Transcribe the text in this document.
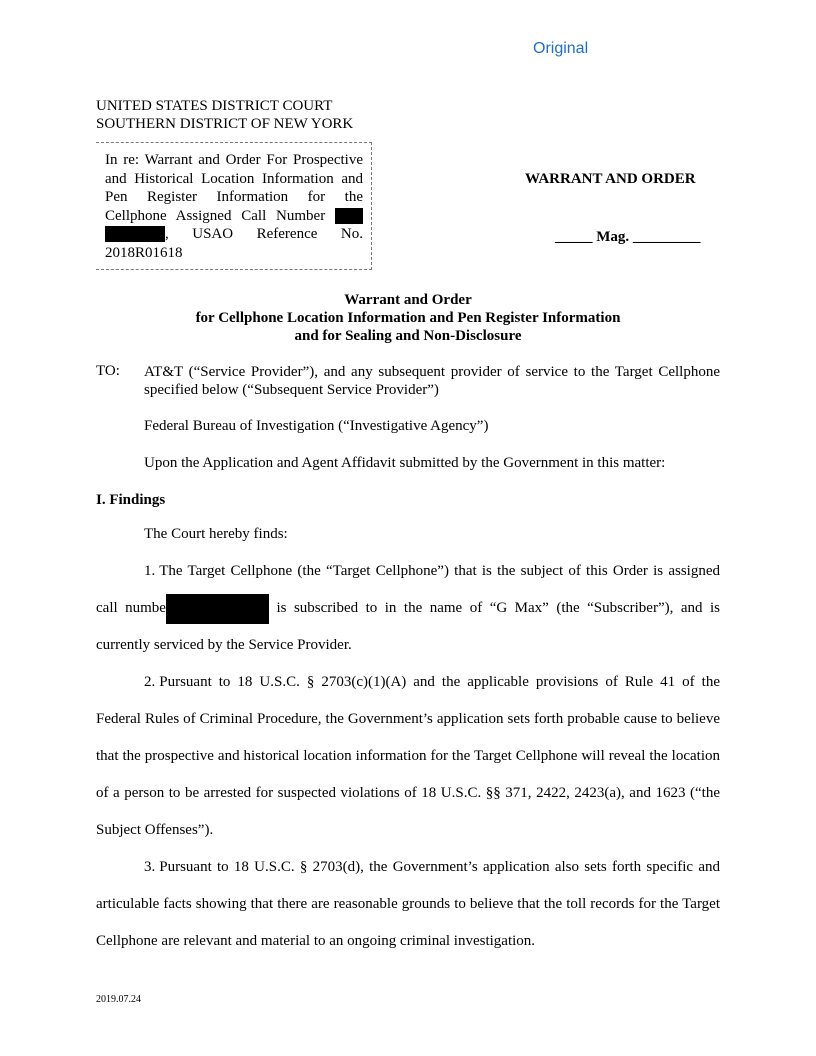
Original
UNITED STATES DISTRICT COURT
SOUTHERN DISTRICT OF NEW YORK
In re: Warrant and Order For Prospective and Historical Location Information and Pen Register Information for the Cellphone Assigned Call Number  , USAO Reference No. 2018R01618
WARRANT AND ORDER
_____ Mag. _________
Warrant and Order
for Cellphone Location Information and Pen Register Information
and for Sealing and Non-Disclosure
TO: AT&T (“Service Provider”), and any subsequent provider of service to the Target Cellphone specified below (“Subsequent Service Provider”)
Federal Bureau of Investigation (“Investigative Agency”)
Upon the Application and Agent Affidavit submitted by the Government in this matter:
I. Findings
The Court hereby finds:
1. The Target Cellphone (the “Target Cellphone”) that is the subject of this Order is assigned call numbe	is subscribed to in the name of “G Max” (the “Subscriber”), and is currently serviced by the Service Provider.
2. Pursuant to 18 U.S.C. § 2703(c)(1)(A) and the applicable provisions of Rule 41 of the Federal Rules of Criminal Procedure, the Government’s application sets forth probable cause to believe that the prospective and historical location information for the Target Cellphone will reveal the location of a person to be arrested for suspected violations of 18 U.S.C. §§ 371, 2422, 2423(a), and 1623 (“the Subject Offenses”).
3. Pursuant to 18 U.S.C. § 2703(d), the Government’s application also sets forth specific and articulable facts showing that there are reasonable grounds to believe that the toll records for the Target Cellphone are relevant and material to an ongoing criminal investigation.
2019.07.24
